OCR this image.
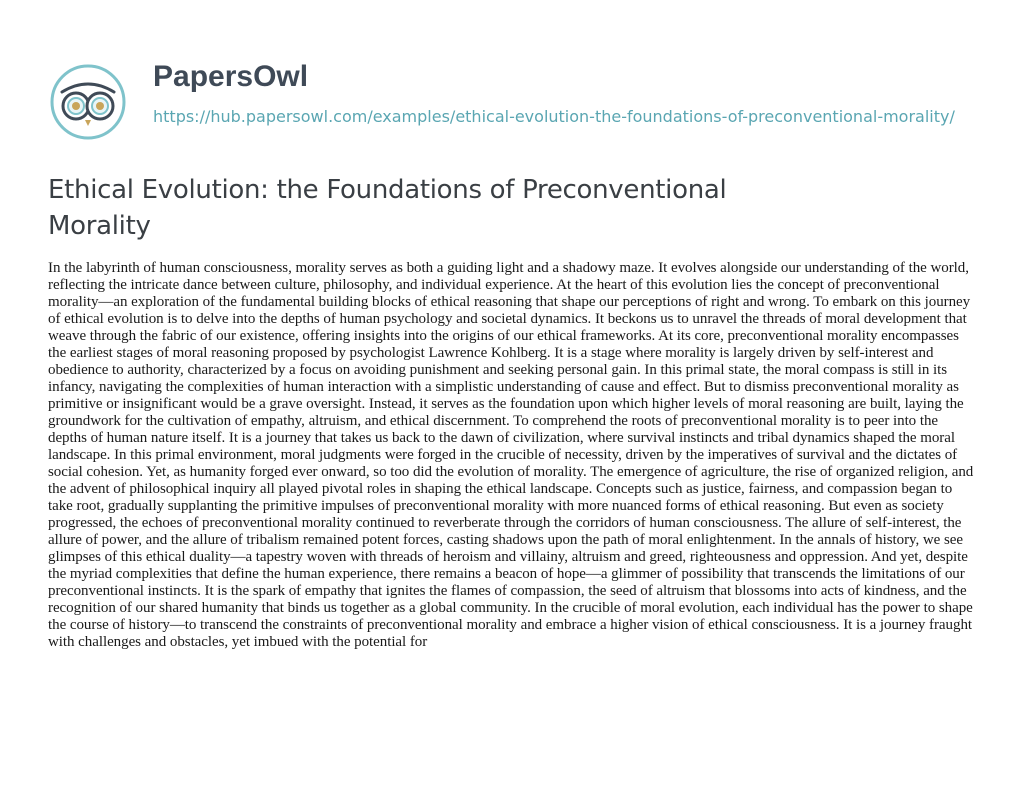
PapersOwl
https://hub.papersowl.com/examples/ethical-evolution-the-foundations-of-preconventional-morality/
Ethical Evolution: the Foundations of Preconventional Morality

In the labyrinth of human consciousness, morality serves as both a guiding light and a shadowy maze. It evolves alongside our understanding of the world, reflecting the intricate dance between culture, philosophy, and individual experience. At the heart of this evolution lies the concept of preconventional morality—an exploration of the fundamental building blocks of ethical reasoning that shape our perceptions of right and wrong. To embark on this journey of ethical evolution is to delve into the depths of human psychology and societal dynamics. It beckons us to unravel the threads of moral development that weave through the fabric of our existence, offering insights into the origins of our ethical frameworks. At its core, preconventional morality encompasses the earliest stages of moral reasoning proposed by psychologist Lawrence Kohlberg. It is a stage where morality is largely driven by self-interest and obedience to authority, characterized by a focus on avoiding punishment and seeking personal gain. In this primal state, the moral compass is still in its infancy, navigating the complexities of human interaction with a simplistic understanding of cause and effect. But to dismiss preconventional morality as primitive or insignificant would be a grave oversight. Instead, it serves as the foundation upon which higher levels of moral reasoning are built, laying the groundwork for the cultivation of empathy, altruism, and ethical discernment. To comprehend the roots of preconventional morality is to peer into the depths of human nature itself. It is a journey that takes us back to the dawn of civilization, where survival instincts and tribal dynamics shaped the moral landscape. In this primal environment, moral judgments were forged in the crucible of necessity, driven by the imperatives of survival and the dictates of social cohesion. Yet, as humanity forged ever onward, so too did the evolution of morality. The emergence of agriculture, the rise of organized religion, and the advent of philosophical inquiry all played pivotal roles in shaping the ethical landscape. Concepts such as justice, fairness, and compassion began to take root, gradually supplanting the primitive impulses of preconventional morality with more nuanced forms of ethical reasoning. But even as society progressed, the echoes of preconventional morality continued to reverberate through the corridors of human consciousness. The allure of self-interest, the allure of power, and the allure of tribalism remained potent forces, casting shadows upon the path of moral enlightenment. In the annals of history, we see glimpses of this ethical duality—a tapestry woven with threads of heroism and villainy, altruism and greed, righteousness and oppression. And yet, despite the myriad complexities that define the human experience, there remains a beacon of hope—a glimmer of possibility that transcends the limitations of our preconventional instincts. It is the spark of empathy that ignites the flames of compassion, the seed of altruism that blossoms into acts of kindness, and the recognition of our shared humanity that binds us together as a global community. In the crucible of moral evolution, each individual has the power to shape the course of history—to transcend the constraints of preconventional morality and embrace a higher vision of ethical consciousness. It is a journey fraught with challenges and obstacles, yet imbued with the potential for
